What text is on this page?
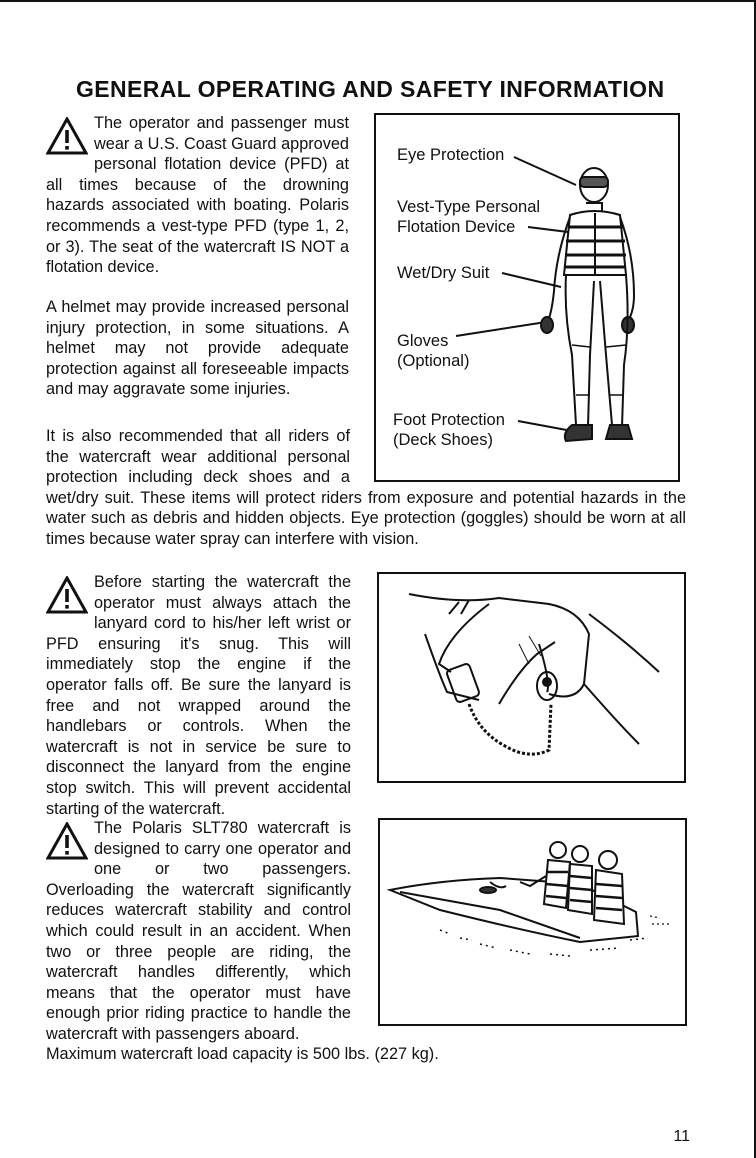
GENERAL OPERATING AND SAFETY INFORMATION

The operator and passenger must wear a U.S. Coast Guard approved personal flotation device (PFD) at all times because of the drowning hazards associated with boating. Polaris recommends a vest-type PFD (type 1, 2, or 3). The seat of the watercraft IS NOT a flotation device.

A helmet may provide increased personal injury protection, in some situations. A helmet may not provide adequate protection against all foreseeable impacts and may aggravate some injuries.

It is also recommended that all riders of the watercraft wear additional personal protection including deck shoes and a wet/dry suit. These items will protect riders from exposure and potential hazards in the water such as debris and hidden objects. Eye protection (goggles) should be worn at all times because water spray can interfere with vision.

Eye Protection
Vest-Type Personal
Flotation Device
Wet/Dry Suit
Gloves
(Optional)
Foot Protection
(Deck Shoes)

Before starting the watercraft the operator must always attach the lanyard cord to his/her left wrist or PFD ensuring it's snug. This will immediately stop the engine if the operator falls off. Be sure the lanyard is free and not wrapped around the handlebars or controls. When the watercraft is not in service be sure to disconnect the lanyard from the engine stop switch. This will prevent accidental starting of the watercraft.

The Polaris SLT780 watercraft is designed to carry one operator and one or two passengers. Overloading the watercraft significantly reduces watercraft stability and control which could result in an accident. When two or three people are riding, the watercraft handles differently, which means that the operator must have enough prior riding practice to handle the watercraft with passengers aboard.

Maximum watercraft load capacity is 500 lbs. (227 kg).
11
